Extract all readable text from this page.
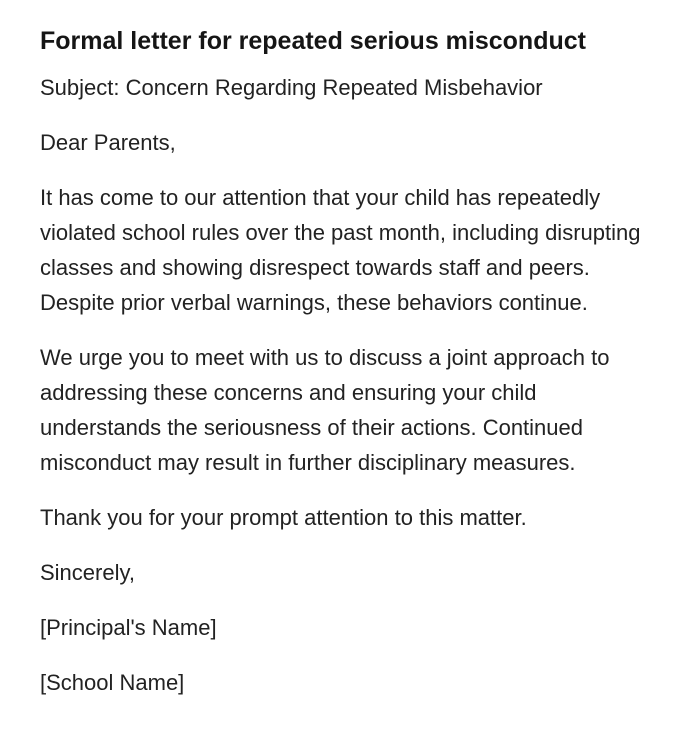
Formal letter for repeated serious misconduct

Subject: Concern Regarding Repeated Misbehavior

Dear Parents,

It has come to our attention that your child has repeatedly violated school rules over the past month, including disrupting classes and showing disrespect towards staff and peers. Despite prior verbal warnings, these behaviors continue.

We urge you to meet with us to discuss a joint approach to addressing these concerns and ensuring your child understands the seriousness of their actions. Continued misconduct may result in further disciplinary measures.

Thank you for your prompt attention to this matter.

Sincerely,

[Principal's Name]

[School Name]
